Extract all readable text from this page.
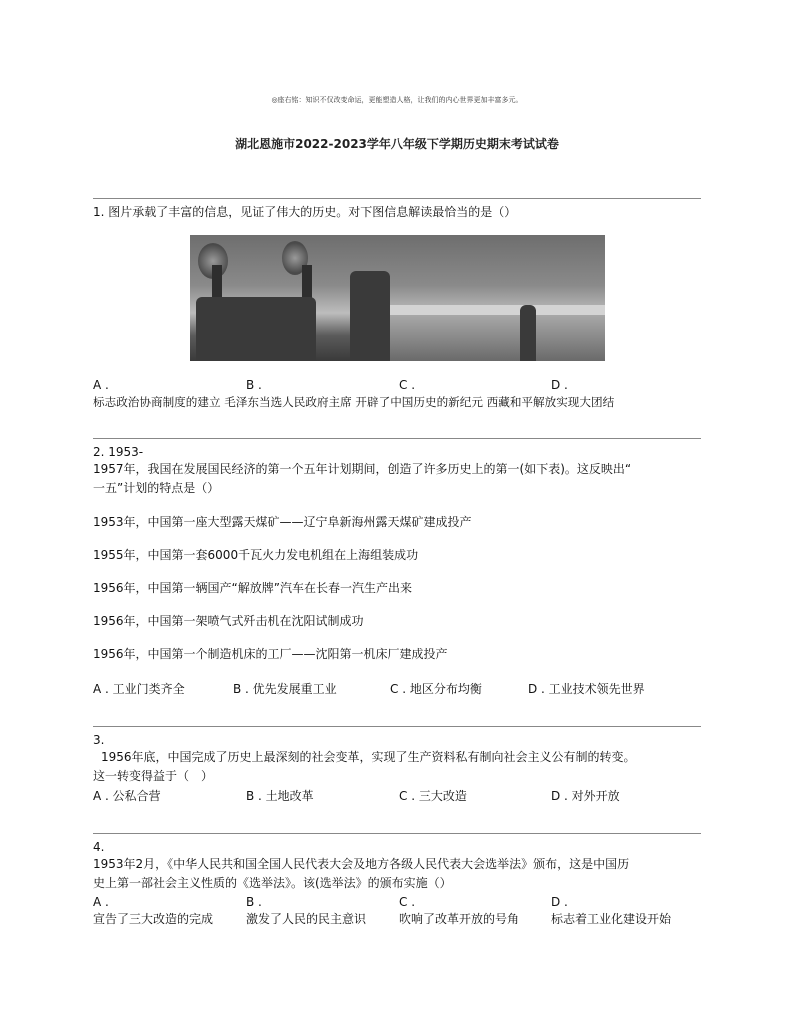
◎座右铭：知识不仅改变命运，更能塑造人格，让我们的内心世界更加丰富多元。
湖北恩施市2022-2023学年八年级下学期历史期末考试试卷
1. 图片承载了丰富的信息，见证了伟大的历史。对下图信息解读最恰当的是（）
A .	B .	C .	D .
标志政治协商制度的建立 毛泽东当选人民政府主席 开辟了中国历史的新纪元 西藏和平解放实现大团结
2. 1953-
1957年，我国在发展国民经济的第一个五年计划期间，创造了许多历史上的第一(如下表)。这反映出“
一五”计划的特点是（）
1953年，中国第一座大型露天煤矿——辽宁阜新海州露天煤矿建成投产
1955年，中国第一套6000千瓦火力发电机组在上海组装成功
1956年，中国第一辆国产“解放牌”汽车在长春一汽生产出来
1956年，中国第一架喷气式歼击机在沈阳试制成功
1956年，中国第一个制造机床的工厂——沈阳第一机床厂建成投产
A . 工业门类齐全	B . 优先发展重工业	C . 地区分布均衡	D . 工业技术领先世界
3.
1956年底，中国完成了历史上最深刻的社会变革，实现了生产资料私有制向社会主义公有制的转变。
这一转变得益于（　）
A . 公私合营	B . 土地改革	C . 三大改造	D . 对外开放
4.
1953年2月，《中华人民共和国全国人民代表大会及地方各级人民代表大会选举法》颁布，这是中国历
史上第一部社会主义性质的《选举法》。该(选举法》的颁布实施（）
A .	B .	C .	D .
宣告了三大改造的完成	激发了人民的民主意识	吹响了改革开放的号角	标志着工业化建设开始
